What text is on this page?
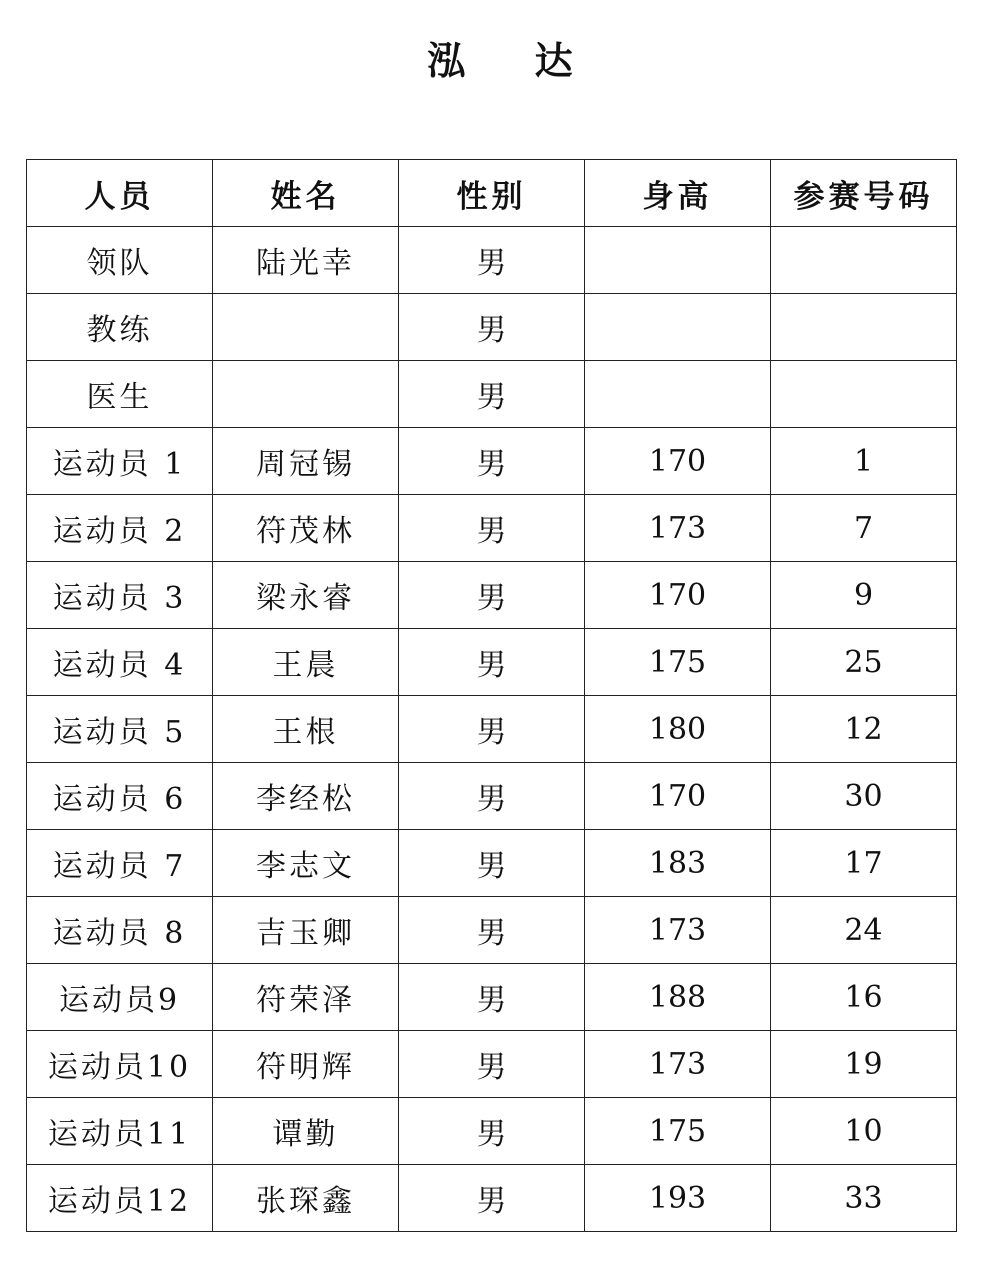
泓 达
人员	姓名	性别	身高	参赛号码
领队	陆光幸	男		
教练		男		
医生		男		
运动员 1	周冠锡	男	170	1
运动员 2	符茂林	男	173	7
运动员 3	梁永睿	男	170	9
运动员 4	王晨	男	175	25
运动员 5	王根	男	180	12
运动员 6	李经松	男	170	30
运动员 7	李志文	男	183	17
运动员 8	吉玉卿	男	173	24
运动员9	符荣泽	男	188	16
运动员10	符明辉	男	173	19
运动员11	谭勤	男	175	10
运动员12	张琛鑫	男	193	33
